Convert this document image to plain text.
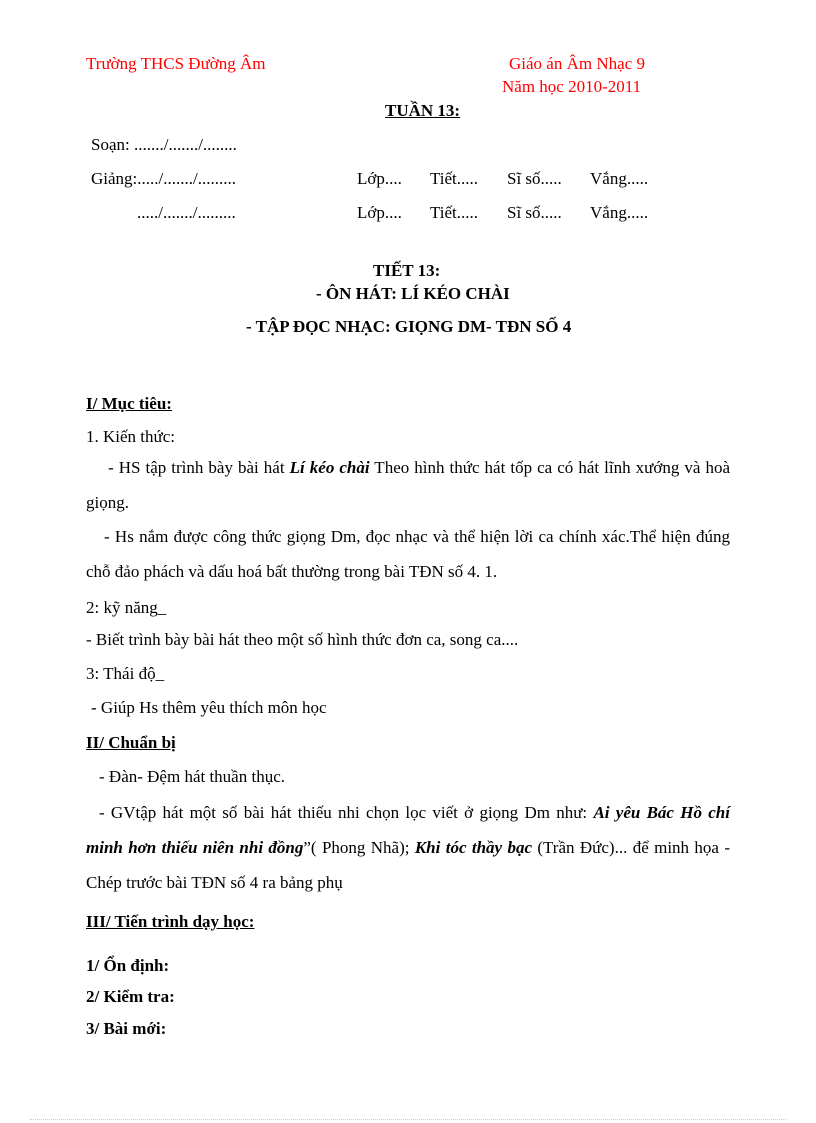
Trường THCS Đường Âm	Giáo án Âm Nhạc 9
Năm học 2010-2011
TUẦN 13:
Soạn: ......./......./........
Giảng:...../......./.........	Lớp.... Tiết..... Sĩ số..... Vắng.....
...../......./.........	Lớp.... Tiết..... Sĩ số..... Vắng.....
TIẾT 13:
- ÔN HÁT: LÍ KÉO CHÀI
- TẬP ĐỌC NHẠC: GIỌNG DM- TĐN SỐ 4
I/ Mục tiêu:
1. Kiến thức:
- HS tập trình bày bài hát Lí kéo chài Theo hình thức hát tốp ca có hát lĩnh xướng và hoà giọng.
- Hs nắm được công thức giọng Dm, đọc nhạc và thể hiện lời ca chính xác.Thể hiện đúng chỗ đảo phách và dấu hoá bất thường trong bài TĐN số 4. 1.
2: kỹ năng_
- Biết trình bày bài hát theo một số hình thức đơn ca, song ca....
3: Thái độ_
- Giúp Hs thêm yêu thích môn học
II/ Chuẩn bị
- Đàn- Đệm hát thuần thục.
- GVtập hát một số bài hát thiếu nhi chọn lọc viết ở giọng Dm như: Ai yêu Bác Hồ chí minh hơn thiếu niên nhi đồng”( Phong Nhã); Khi tóc thầy bạc (Trần Đức)... để minh họa - Chép trước bài TĐN số 4 ra bảng phụ
III/ Tiến trình dạy học:
1/ Ổn định:
2/ Kiểm tra:
3/ Bài mới:
